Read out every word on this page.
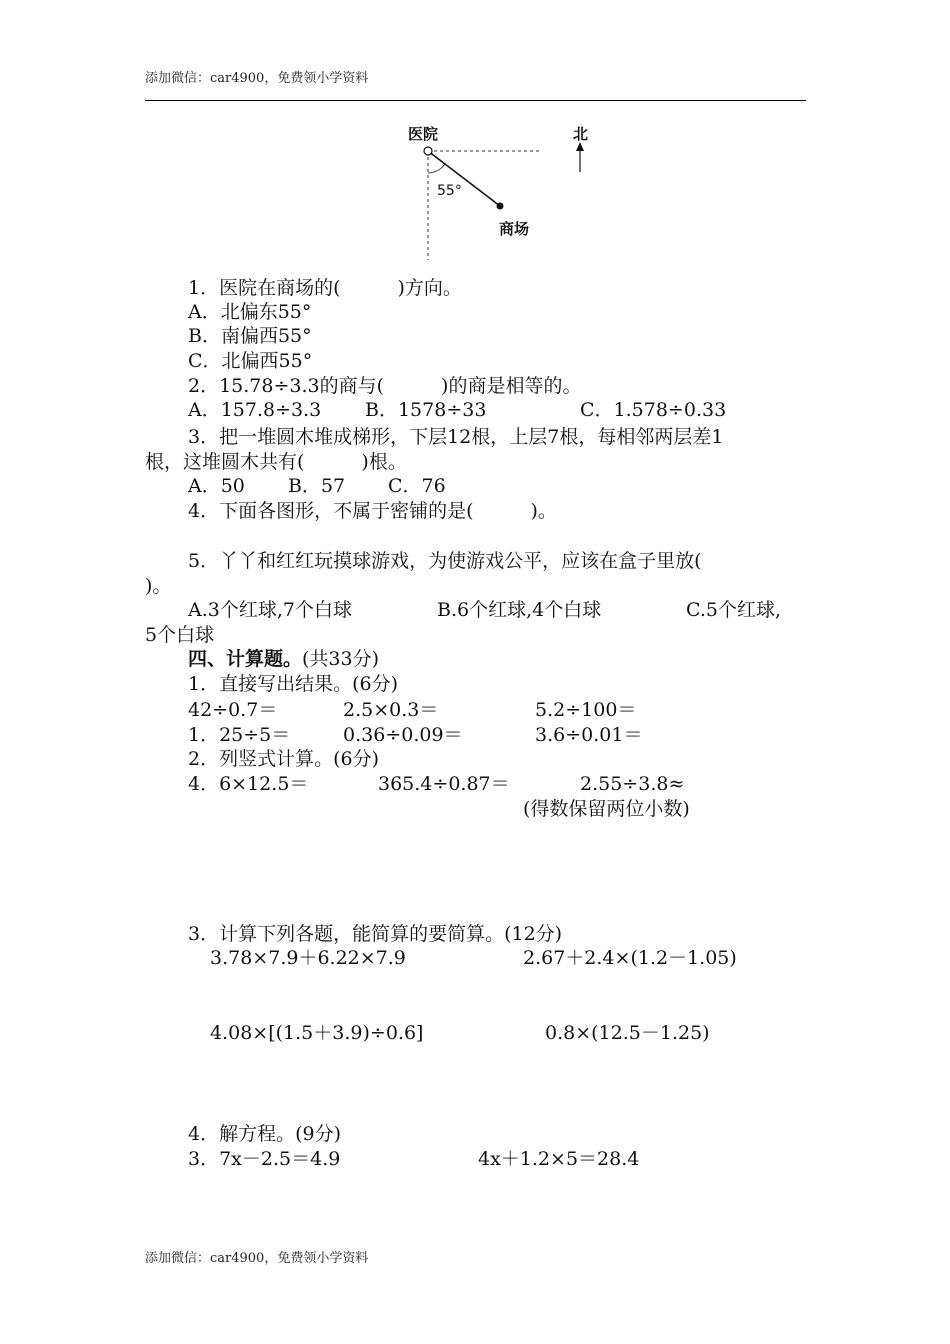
添加微信：car4900，免费领小学资料
医院	北
55°
商场
1．医院在商场的(　　　)方向。
A．北偏东55°
B．南偏西55°
C．北偏西55°
2．15.78÷3.3的商与(　　　)的商是相等的。
A．157.8÷3.3 B．1578÷33	C．1.578÷0.33
3．把一堆圆木堆成梯形，下层12根，上层7根，每相邻两层差1
根，这堆圆木共有(　　　)根。
A．50 B．57 C．76
4．下面各图形，不属于密铺的是(　　　)。
5．丫丫和红红玩摸球游戏，为使游戏公平，应该在盒子里放(
)。
A.3个红球,7个白球	B.6个红球,4个白球	C.5个红球,
5个白球
四、计算题。(共33分)
1．直接写出结果。(6分)
42÷0.7＝	2.5×0.3＝	5.2÷100＝
1．25÷5＝	0.36÷0.09＝	3.6÷0.01＝
2．列竖式计算。(6分)
4．6×12.5＝	365.4÷0.87＝	2.55÷3.8≈
(得数保留两位小数)
3．计算下列各题，能简算的要简算。(12分)
3.78×7.9＋6.22×7.9	2.67＋2.4×(1.2－1.05)
4.08×[(1.5＋3.9)÷0.6]	0.8×(12.5－1.25)
4．解方程。(9分)
3．7x－2.5＝4.9	4x＋1.2×5＝28.4
添加微信：car4900，免费领小学资料
